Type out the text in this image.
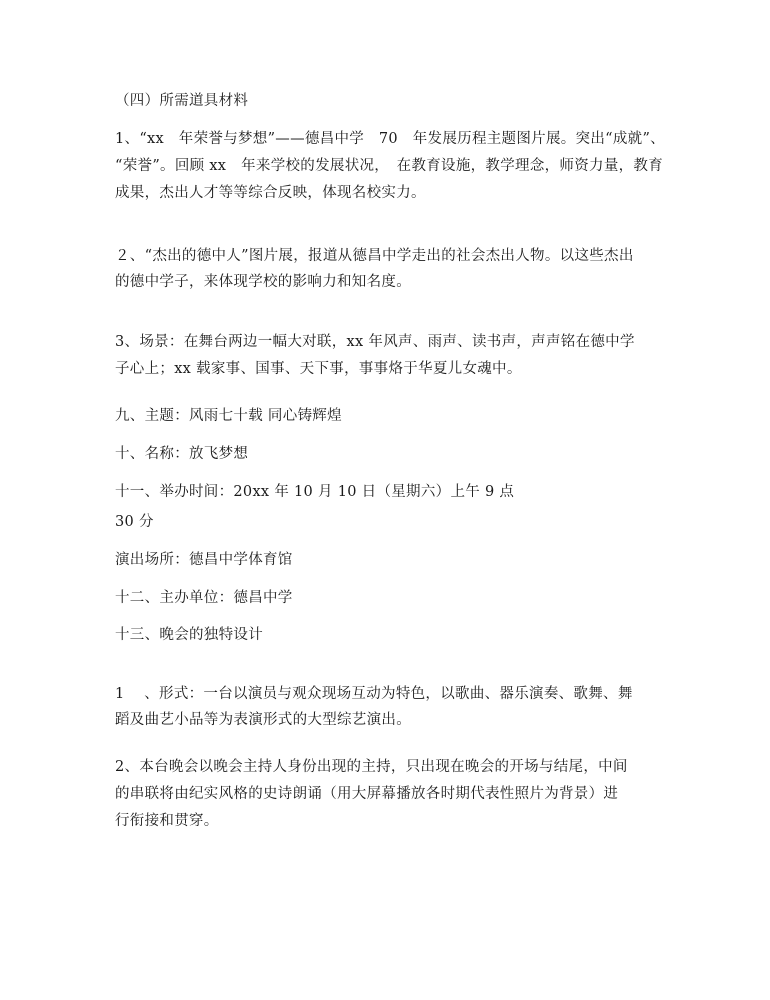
（四）所需道具材料
1、“xx　年荣誉与梦想”——德昌中学　70　年发展历程主题图片展。突出“成就”、
“荣誉”。回顾 xx　年来学校的发展状况，　在教育设施，教学理念，师资力量，教育
成果，杰出人才等等综合反映，体现名校实力。
２、“杰出的德中人”图片展，报道从德昌中学走出的社会杰出人物。以这些杰出
的德中学子，来体现学校的影响力和知名度。
3、场景：在舞台两边一幅大对联，xx 年风声、雨声、读书声，声声铭在德中学
子心上；xx 载家事、国事、天下事，事事烙于华夏儿女魂中。
九、主题：风雨七十载 同心铸辉煌
十、名称：放飞梦想
十一、举办时间：20xx 年 10 月 10 日（星期六）上午 9 点
30 分
演出场所：德昌中学体育馆
十二、主办单位：德昌中学
十三、晚会的独特设计
1　 、形式：一台以演员与观众现场互动为特色，以歌曲、器乐演奏、歌舞、舞
蹈及曲艺小品等为表演形式的大型综艺演出。
2、本台晚会以晚会主持人身份出现的主持，只出现在晚会的开场与结尾，中间
的串联将由纪实风格的史诗朗诵（用大屏幕播放各时期代表性照片为背景）进
行衔接和贯穿。
